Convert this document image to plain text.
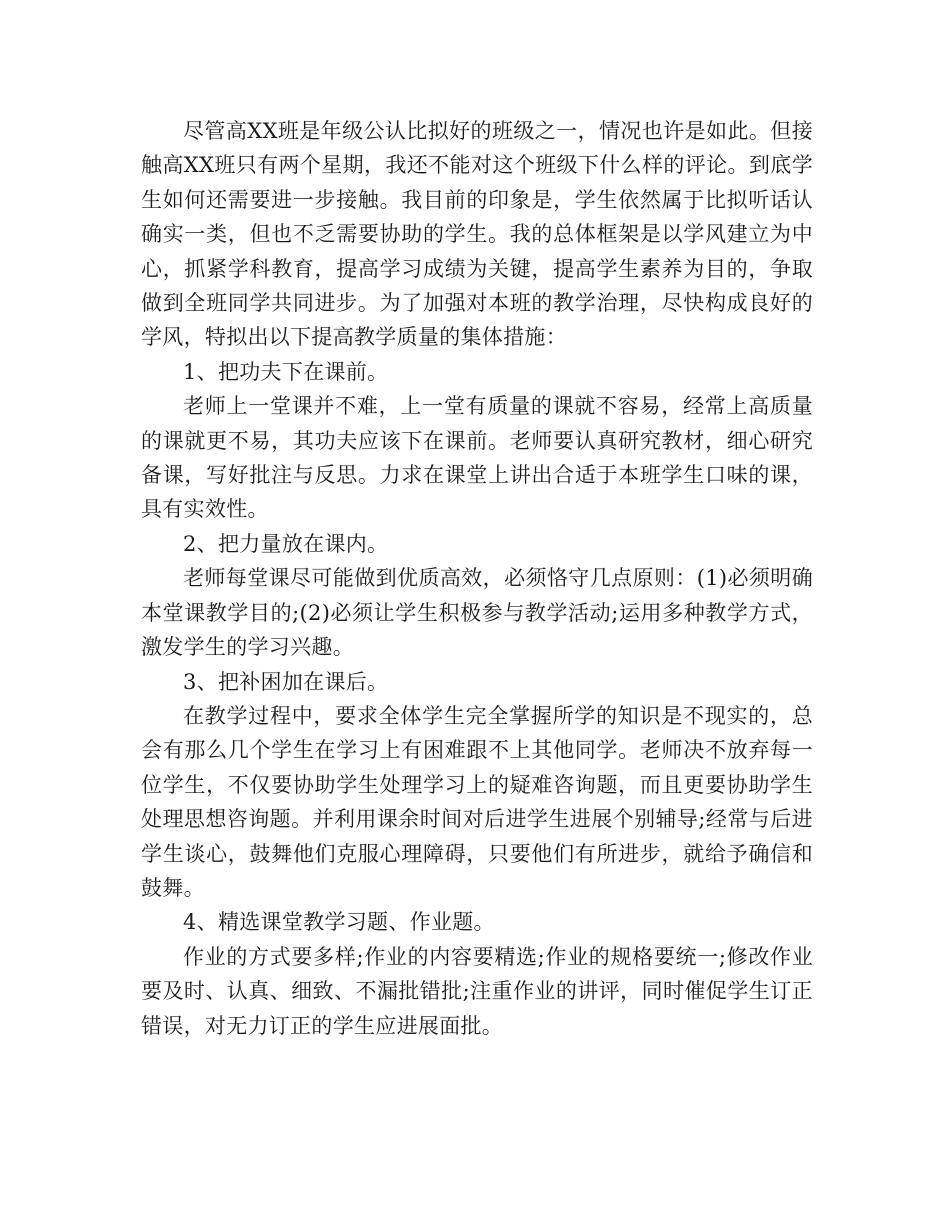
尽管高XX班是年级公认比拟好的班级之一，情况也许是如此。但接触高XX班只有两个星期，我还不能对这个班级下什么样的评论。到底学生如何还需要进一步接触。我目前的印象是，学生依然属于比拟听话认确实一类，但也不乏需要协助的学生。我的总体框架是以学风建立为中心，抓紧学科教育，提高学习成绩为关键，提高学生素养为目的，争取做到全班同学共同进步。为了加强对本班的教学治理，尽快构成良好的学风，特拟出以下提高教学质量的集体措施：

1、把功夫下在课前。

老师上一堂课并不难，上一堂有质量的课就不容易，经常上高质量的课就更不易，其功夫应该下在课前。老师要认真研究教材，细心研究备课，写好批注与反思。力求在课堂上讲出合适于本班学生口味的课，具有实效性。

2、把力量放在课内。

老师每堂课尽可能做到优质高效，必须恪守几点原则：(1)必须明确本堂课教学目的;(2)必须让学生积极参与教学活动;运用多种教学方式，激发学生的学习兴趣。

3、把补困加在课后。

在教学过程中，要求全体学生完全掌握所学的知识是不现实的，总会有那么几个学生在学习上有困难跟不上其他同学。老师决不放弃每一位学生，不仅要协助学生处理学习上的疑难咨询题，而且更要协助学生处理思想咨询题。并利用课余时间对后进学生进展个别辅导;经常与后进学生谈心，鼓舞他们克服心理障碍，只要他们有所进步，就给予确信和鼓舞。

4、精选课堂教学习题、作业题。

作业的方式要多样;作业的内容要精选;作业的规格要统一;修改作业要及时、认真、细致、不漏批错批;注重作业的讲评，同时催促学生订正错误，对无力订正的学生应进展面批。
